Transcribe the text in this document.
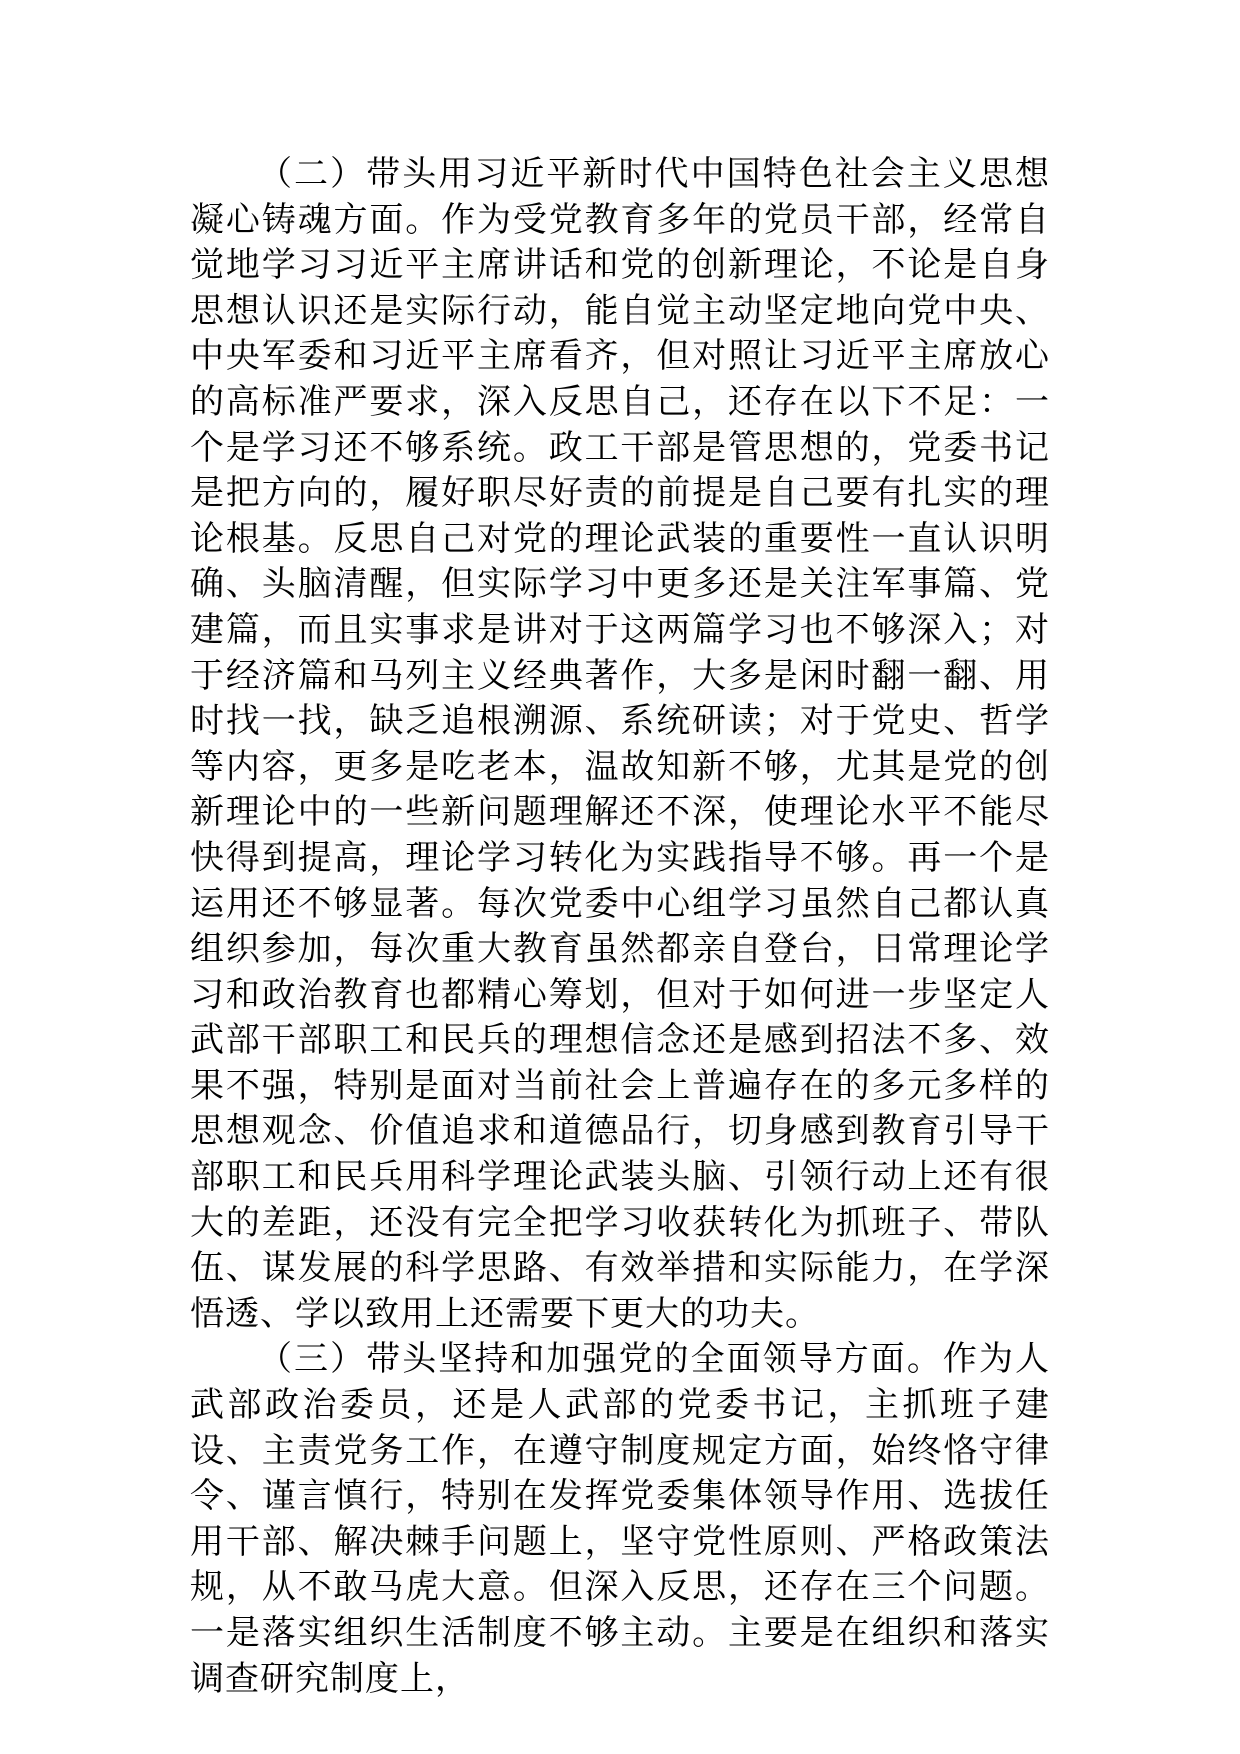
（二）带头用习近平新时代中国特色社会主义思想凝心铸魂方面。作为受党教育多年的党员干部，经常自觉地学习习近平主席讲话和党的创新理论，不论是自身思想认识还是实际行动，能自觉主动坚定地向党中央、中央军委和习近平主席看齐，但对照让习近平主席放心的高标准严要求，深入反思自己，还存在以下不足：一个是学习还不够系统。政工干部是管思想的，党委书记是把方向的，履好职尽好责的前提是自己要有扎实的理论根基。反思自己对党的理论武装的重要性一直认识明确、头脑清醒，但实际学习中更多还是关注军事篇、党建篇，而且实事求是讲对于这两篇学习也不够深入；对于经济篇和马列主义经典著作，大多是闲时翻一翻、用时找一找，缺乏追根溯源、系统研读；对于党史、哲学等内容，更多是吃老本，温故知新不够，尤其是党的创新理论中的一些新问题理解还不深，使理论水平不能尽快得到提高，理论学习转化为实践指导不够。再一个是运用还不够显著。每次党委中心组学习虽然自己都认真组织参加，每次重大教育虽然都亲自登台，日常理论学习和政治教育也都精心筹划，但对于如何进一步坚定人武部干部职工和民兵的理想信念还是感到招法不多、效果不强，特别是面对当前社会上普遍存在的多元多样的思想观念、价值追求和道德品行，切身感到教育引导干部职工和民兵用科学理论武装头脑、引领行动上还有很大的差距，还没有完全把学习收获转化为抓班子、带队伍、谋发展的科学思路、有效举措和实际能力，在学深悟透、学以致用上还需要下更大的功夫。

（三）带头坚持和加强党的全面领导方面。作为人武部政治委员，还是人武部的党委书记，主抓班子建设、主责党务工作，在遵守制度规定方面，始终恪守律令、谨言慎行，特别在发挥党委集体领导作用、选拔任用干部、解决棘手问题上，坚守党性原则、严格政策法规，从不敢马虎大意。但深入反思，还存在三个问题。一是落实组织生活制度不够主动。主要是在组织和落实调查研究制度上，
